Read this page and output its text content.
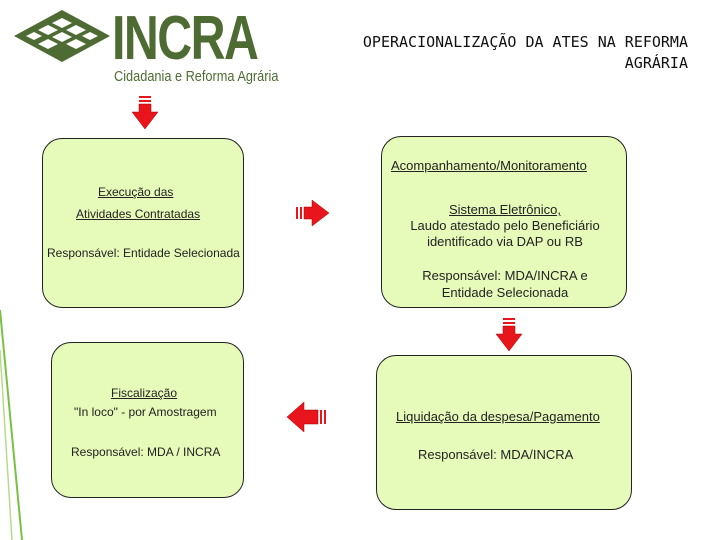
INCRA
Cidadania e Reforma Agrária
OPERACIONALIZAÇÃO DA ATES NA REFORMA
AGRÁRIA
Execução das
Atividades Contratadas
Responsável: Entidade Selecionada
Acompanhamento/Monitoramento
Sistema Eletrônico,
Laudo atestado pelo Beneficiário
identificado via DAP ou RB
Responsável: MDA/INCRA e
Entidade Selecionada
Fiscalização
"In loco" - por Amostragem
Responsável: MDA / INCRA
Liquidação da despesa/Pagamento
Responsável: MDA/INCRA
